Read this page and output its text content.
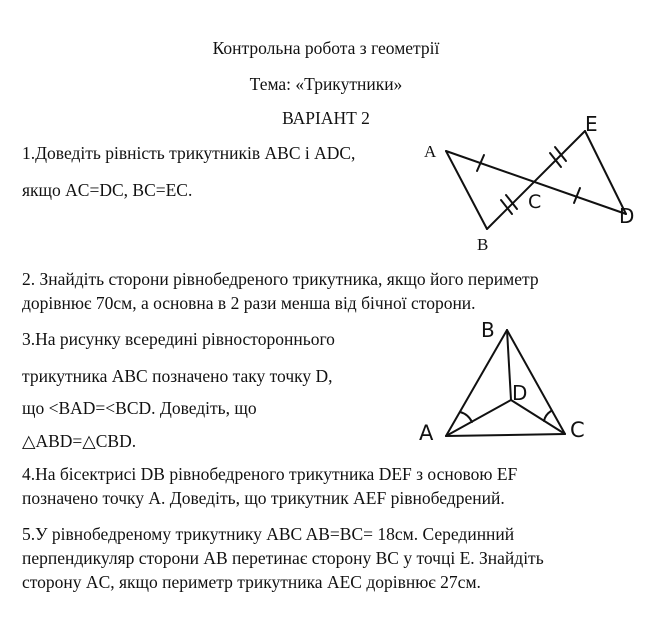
Контрольна робота з геометрії
Тема: «Трикутники»
ВАРІАНТ 2
1.Доведіть рівність трикутників ABC і ADC,
якщо AC=DC, BC=EC.
A
B
C
D
E
2. Знайдіть сторони рівнобедреного трикутника, якщо його периметр
дорівнює 70см, а основна в 2 рази менша від бічної сторони.
3.На рисунку всередині рівностороннього
трикутника ABC позначено таку точку D,
що <BAD=<BCD. Доведіть, що
△ABD=△CBD.
B
D
A	C
4.На бісектрисі DB рівнобедреного трикутника DEF з основою EF
позначено точку A. Доведіть, що трикутник AEF рівнобедрений.
5.У рівнобедреному трикутнику ABC AB=BC= 18см. Серединний
перпендикуляр сторони AB перетинає сторону BC у точці E. Знайдіть
сторону AC, якщо периметр трикутника AEC дорівнює 27см.
